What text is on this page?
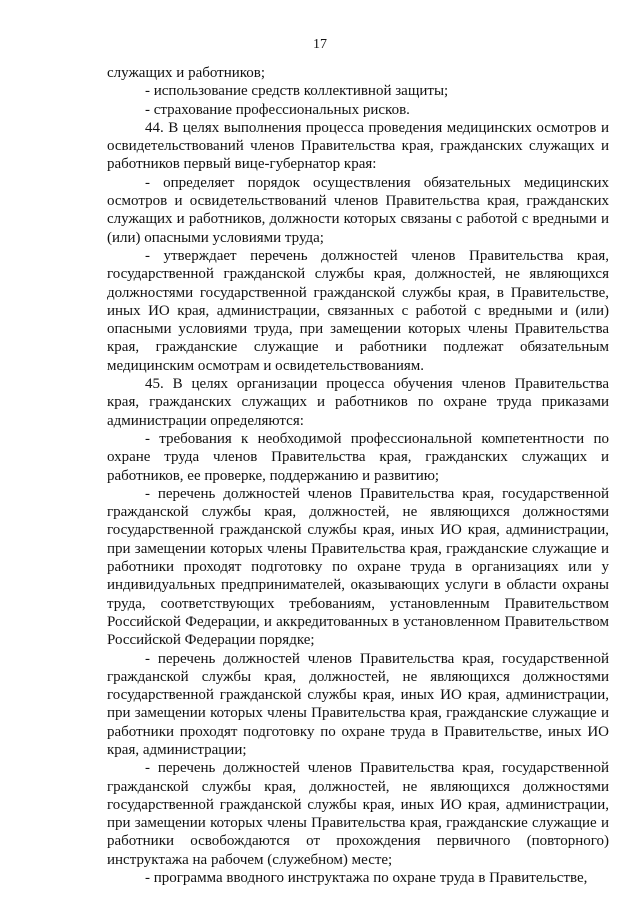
17

служащих и работников;

- использование средств коллективной защиты;

- страхование профессиональных рисков.

44. В целях выполнения процесса проведения медицинских осмотров и освидетельствований членов Правительства края, гражданских служащих и работников первый вице-губернатор края:

- определяет порядок осуществления обязательных медицинских осмотров и освидетельствований членов Правительства края, гражданских служащих и работников, должности которых связаны с работой с вредными и (или) опасными условиями труда;

- утверждает перечень должностей членов Правительства края, государственной гражданской службы края, должностей, не являющихся должностями государственной гражданской службы края, в Правительстве, иных ИО края, администрации, связанных с работой с вредными и (или) опасными условиями труда, при замещении которых члены Правительства края, гражданские служащие и работники подлежат обязательным медицинским осмотрам и освидетельствованиям.

45. В целях организации процесса обучения членов Правительства края, гражданских служащих и работников по охране труда приказами администрации определяются:

- требования к необходимой профессиональной компетентности по охране труда членов Правительства края, гражданских служащих и работников, ее проверке, поддержанию и развитию;

- перечень должностей членов Правительства края, государственной гражданской службы края, должностей, не являющихся должностями государственной гражданской службы края, иных ИО края, администрации, при замещении которых члены Правительства края, гражданские служащие и работники проходят подготовку по охране труда в организациях или у индивидуальных предпринимателей, оказывающих услуги в области охраны труда, соответствующих требованиям, установленным Правительством Российской Федерации, и аккредитованных в установленном Правительством Российской Федерации порядке;

- перечень должностей членов Правительства края, государственной гражданской службы края, должностей, не являющихся должностями государственной гражданской службы края, иных ИО края, администрации, при замещении которых члены Правительства края, гражданские служащие и работники проходят подготовку по охране труда в Правительстве, иных ИО края, администрации;

- перечень должностей членов Правительства края, государственной гражданской службы края, должностей, не являющихся должностями государственной гражданской службы края, иных ИО края, администрации, при замещении которых члены Правительства края, гражданские служащие и работники освобождаются от прохождения первичного (повторного) инструктажа на рабочем (служебном) месте;

- программа вводного инструктажа по охране труда в Правительстве,
